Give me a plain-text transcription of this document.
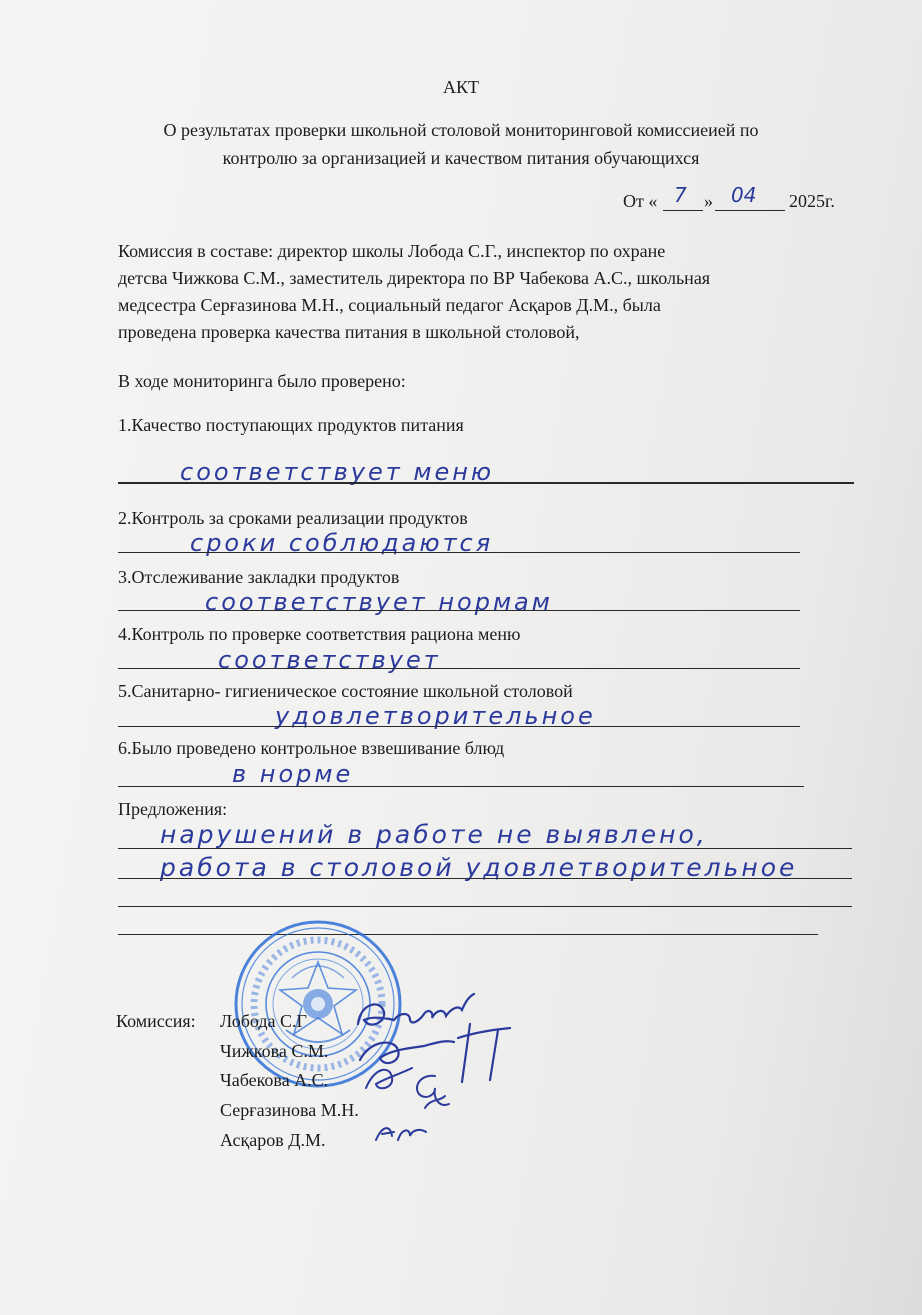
АКТ
О результатах проверки школьной столовой мониторинговой комиссиеией по
контролю за организацией и качеством питания обучающихся
От « 7 » 04 2025г.
Комиссия в составе: директор школы Лобода С.Г., инспектор по охране
детсва Чижкова С.М., заместитель директора по ВР Чабекова А.С., школьная
медсестра Серғазинова М.Н., социальный педагог Асқаров Д.М., была
проведена проверка качества питания в школьной столовой,
В ходе мониторинга было проверено:
1.Качество поступающих продуктов питания
соответствует меню
2.Контроль за сроками реализации продуктов
сроки соблюдаются
3.Отслеживание закладки продуктов
соответствует нормам
4.Контроль по проверке соответствия рациона меню
соответствует
5.Санитарно- гигиеническое состояние школьной столовой
удовлетворительное
6.Было проведено контрольное взвешивание блюд
в норме
Предложения:
нарушений в работе не выявлено,
работа в столовой удовлетворительное
Комиссия: Лобода С.Г
Чижкова С.М.
Чабекова А.С.
Серғазинова М.Н.
Асқаров Д.М.
